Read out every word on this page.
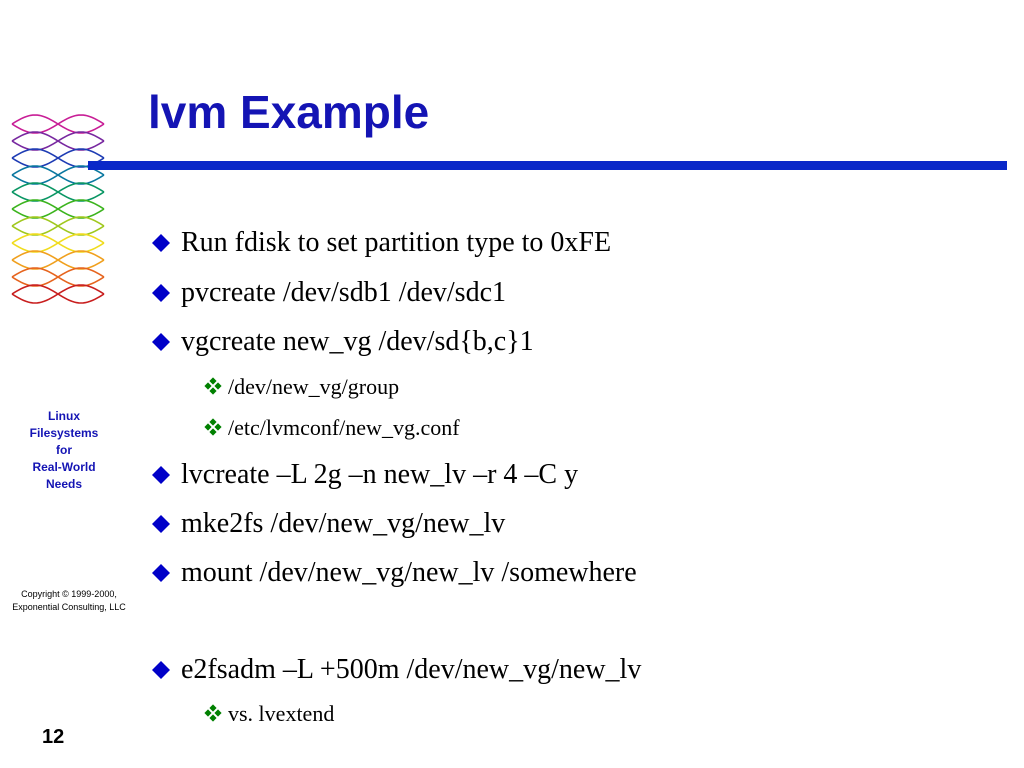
lvm Example
Run fdisk to set partition type to 0xFE
pvcreate /dev/sdb1 /dev/sdc1
vgcreate new_vg /dev/sd{b,c}1
/dev/new_vg/group
/etc/lvmconf/new_vg.conf
lvcreate –L 2g –n new_lv –r 4 –C y
mke2fs /dev/new_vg/new_lv
mount /dev/new_vg/new_lv /somewhere
e2fsadm –L +500m /dev/new_vg/new_lv
vs. lvextend
Linux
Filesystems
for
Real-World
Needs
Copyright © 1999-2000,
Exponential Consulting, LLC
12
